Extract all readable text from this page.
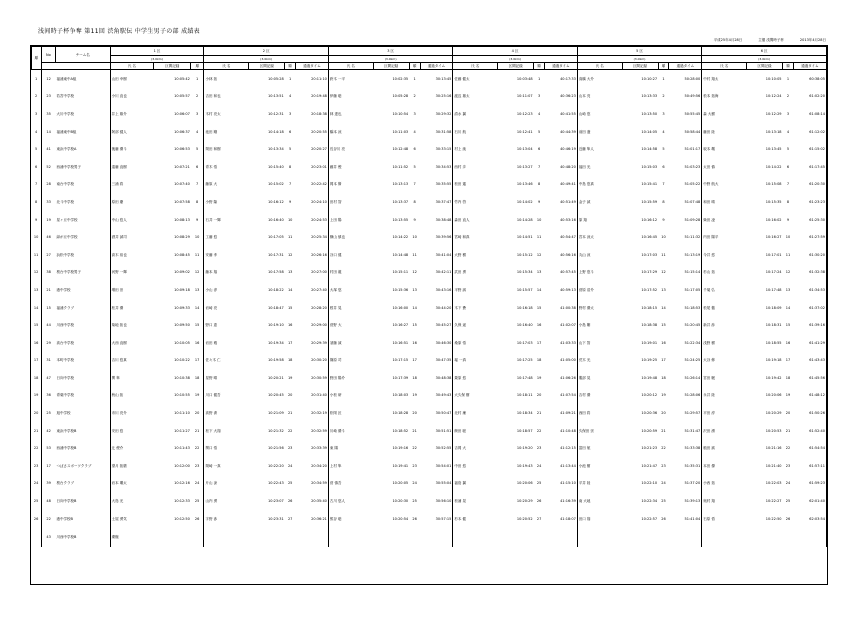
浅间時子杯争奪 第11回 渋角駅伝 中学生男子の部 成績表
平成25年4月28日	主催 浅間時子杯	2013年4月28日
順	No	チーム名	1 区			2 区				3 区				4 区				5 区				6 区			
			(3.0km)			(3.0km)				(3.0km)				(3.0km)				(3.0km)				(3.0km)			
			氏 名	区間記録	順	氏 名	区間記録	順	通過タイム	氏 名	区間記録	順	通過タイム	氏 名	区間記録	順	通過タイム	氏 名	区間記録	順	通過タイム	氏 名	区間記録	順	通過タイム
1	12	福浦東中A組	山田 幸樹	10:05:42	1	小林 拓	10:05:28	1	20:11:10	鈴木 一平	10:02:35	1	30:13:45	佐藤 健太	10:03:48	1	40:17:33	高橋 大介	10:10:27	1	50:28:00	中村 翔太	10:10:05	1	60:38:05
2	23	若宮中学校	小川 直也	10:05:57	2	吉田 和也	10:13:51	4	20:19:48	伊藤 聡	10:05:28	2	30:25:16	渡辺 雄太	10:11:07	3	40:36:23	山本 亮	10:13:33	2	50:49:56	松本 拓海	10:12:24	2	61:02:20
3	35	大川中学校	井上 雄介	10:06:07	3	木村 亮太	10:12:31	3	20:18:38	林 達也	10:10:54	3	30:29:32	清水 翼	10:12:23	4	40:41:55	山崎 悠	10:13:50	3	50:55:45	森 大樹	10:12:29	3	61:08:14
4	14	福浦東中B組	阿部 健人	10:06:37	4	池田 剛	10:14:18	6	20:20:55	橋本 涼	10:11:03	4	30:31:58	石川 航	10:12:41	5	40:44:39	前田 遼	10:14:05	4	50:58:44	藤田 陸	10:13:18	4	61:12:02
5	41	東浜中学校A	後藤 優斗	10:06:53	5	岡田 和樹	10:13:34	5	20:20:27	長谷川 亮	10:12:48	6	30:33:15	村上 純	10:13:04	6	40:46:19	近藤 隼人	10:14:58	5	51:01:17	坂本 颯	10:13:45	5	61:15:02
6	52	西浦中学校男子	遠藤 直樹	10:07:21	6	青木 悟	10:15:40	8	20:23:01	藤井 俊	10:11:52	5	30:34:53	西村 歩	10:13:27	7	40:48:20	福田 光	10:15:03	6	51:03:23	太田 慎	10:14:22	6	61:17:45
7	28	南台中学校	三浦 将	10:07:40	7	藤原 大	10:15:02	7	20:22:42	岡本 賢	10:13:13	7	30:35:55	松田 蓮	10:13:46	8	40:49:41	中島 悠真	10:15:41	7	51:05:22	中野 航大	10:15:08	7	61:20:30
8	33	北斗中学校	原田 慶	10:07:58	8	小野 隆	10:16:12	9	20:24:10	田村 智	10:13:37	8	30:37:47	竹内 啓	10:14:02	9	40:51:49	金子 誠	10:15:59	8	51:07:48	和田 晴	10:15:35	8	61:23:23
9	19	星ヶ丘中学校	中山 悠人	10:08:13	9	石井 一輝	10:16:40	10	20:24:53	上田 陽	10:13:55	9	30:38:48	森田 直人	10:14:28	10	40:53:16	原 翔	10:16:12	9	51:09:28	柴田 凌	10:16:02	9	61:25:30
10	46	緑が丘中学校	酒井 誠司	10:08:29	10	工藤 悠	10:17:05	11	20:25:34	横山 慎也	10:14:22	10	30:39:56	宮崎 和真	10:14:51	11	40:54:47	宮本 涼太	10:16:45	10	51:11:32	内田 陽平	10:16:27	10	61:27:59
11	27	浜松中学校	高木 裕也	10:08:45	11	安藤 孝	10:17:31	12	20:26:16	谷口 健	10:14:48	11	30:41:04	大野 樹	10:15:12	12	40:56:16	丸山 涼	10:17:03	11	51:13:19	今井 悠	10:17:01	11	61:30:20
12	38	桜台中学校男子	河野 一輝	10:09:02	12	藤本 翔	10:17:58	13	20:27:00	村田 龍	10:15:11	12	30:42:11	武田 勇	10:15:34	13	40:57:45	上野 悠斗	10:17:29	12	51:15:14	杉山 拓	10:17:24	12	61:32:38
13	21	港中学校	増田 崇	10:09:18	13	小山 淳	10:18:22	14	20:27:40	大塚 悠	10:15:36	13	30:43:16	平野 誠	10:15:57	14	40:59:13	菅原 浩介	10:17:52	13	51:17:05	千葉 弘	10:17:48	13	61:34:53
14	15	福浦クラブ	松井 優	10:09:33	14	岩崎 亮	10:18:47	15	20:28:20	桜井 晃	10:16:00	14	30:44:20	木下 蒼	10:16:18	15	41:00:38	野村 優太	10:18:15	14	51:18:53	松尾 徹	10:18:09	14	61:37:02
15	44	川西中学校	菊地 拓也	10:09:50	15	野口 恵	10:19:10	16	20:29:00	菅野 大	10:16:27	15	30:45:27	久保 遥	10:16:40	16	41:02:07	小島 剛	10:18:38	15	51:20:45	新井 渉	10:18:31	15	61:39:16
16	29	高台中学校	大西 直樹	10:10:05	16	岩田 雅	10:19:34	17	20:29:39	須藤 誠	10:16:51	16	30:46:30	桑原 悟	10:17:03	17	41:03:33	山下 智	10:19:01	16	51:22:34	浅野 樹	10:18:55	16	61:41:29
17	31	本町中学校	吉川 悠真	10:10:22	17	佐々木 仁	10:19:58	18	20:30:20	篠原 司	10:17:15	17	30:47:35	堀 一真	10:17:25	18	41:05:00	荒木 光	10:19:25	17	51:24:25	大谷 修	10:19:18	17	61:43:43
18	47	日向中学校	関 隼	10:10:38	18	星野 晴	10:20:21	19	20:30:59	野田 陽介	10:17:39	18	30:48:38	栗原 悠	10:17:48	19	41:06:26	服部 晃	10:19:48	18	51:26:14	宮田 駿	10:19:42	18	61:45:56
19	36	青葉中学校	秋山 拓	10:10:55	19	川口 健吾	10:20:45	20	20:31:40	小松 研	10:18:03	19	30:49:43	大久保 樹	10:18:11	20	41:07:54	吉村 優	10:20:12	19	51:28:06	永井 陸	10:20:06	19	61:48:12
20	25	旭中学校	市川 亮介	10:11:10	20	高野 湊	10:21:09	21	20:32:19	松岡 匠	10:18:28	20	30:50:47	北村 廉	10:18:34	21	41:09:21	西田 将	10:20:36	20	51:29:57	平田 淳	10:20:29	20	61:50:26
21	42	東浜中学校B	安田 悠	10:11:27	21	松下 大翔	10:21:32	22	20:32:59	川崎 優斗	10:18:52	21	30:51:51	飯田 聡	10:18:57	22	41:10:48	久保田 崇	10:20:59	21	51:31:47	沢田 湧	10:20:53	21	61:52:40
22	53	西浦中学校B	辻 俊介	10:11:43	22	関口 悟	10:21:56	23	20:33:39	東 陽	10:19:16	22	30:52:55	吉岡 大	10:19:20	23	41:12:15	富田 航	10:21:23	22	51:33:38	植田 誠	10:21:16	22	61:54:54
23	17	つばさスポーツクラブ	望月 拓磨	10:12:00	23	岡崎 一真	10:22:20	24	20:34:20	上村 隼	10:19:41	23	30:54:01	中田 悠	10:19:43	24	41:13:44	小池 樹	10:21:47	23	51:35:31	本田 優	10:21:40	23	61:57:11
24	39	桜台クラブ	岩本 颯太	10:12:16	24	片山 涼	10:22:43	25	20:34:59	菅 慎吾	10:20:05	24	30:55:04	福島 翼	10:20:06	25	41:15:10	平井 陸	10:22:10	24	51:37:20	小西 拓	10:22:03	24	61:59:23
25	48	日向中学校B	大島 光	10:12:33	25	山内 勇	10:23:07	26	20:35:40	古川 悠人	10:20:30	25	30:56:10	松浦 晃	10:20:29	26	41:16:39	南 大地	10:22:34	25	51:39:13	奥村 翔	10:22:27	25	62:01:40
26	22	港中学校B	土屋 勇気	10:12:50	26	宇野 渉	10:23:31	27	20:36:21	熊谷 聡	10:20:54	26	30:57:15	杉本 健	10:20:52	27	41:18:07	田口 翔	10:22:57	26	51:41:04	石原 悟	10:22:50	26	62:03:54
	43	川西中学校B	棄権																						
